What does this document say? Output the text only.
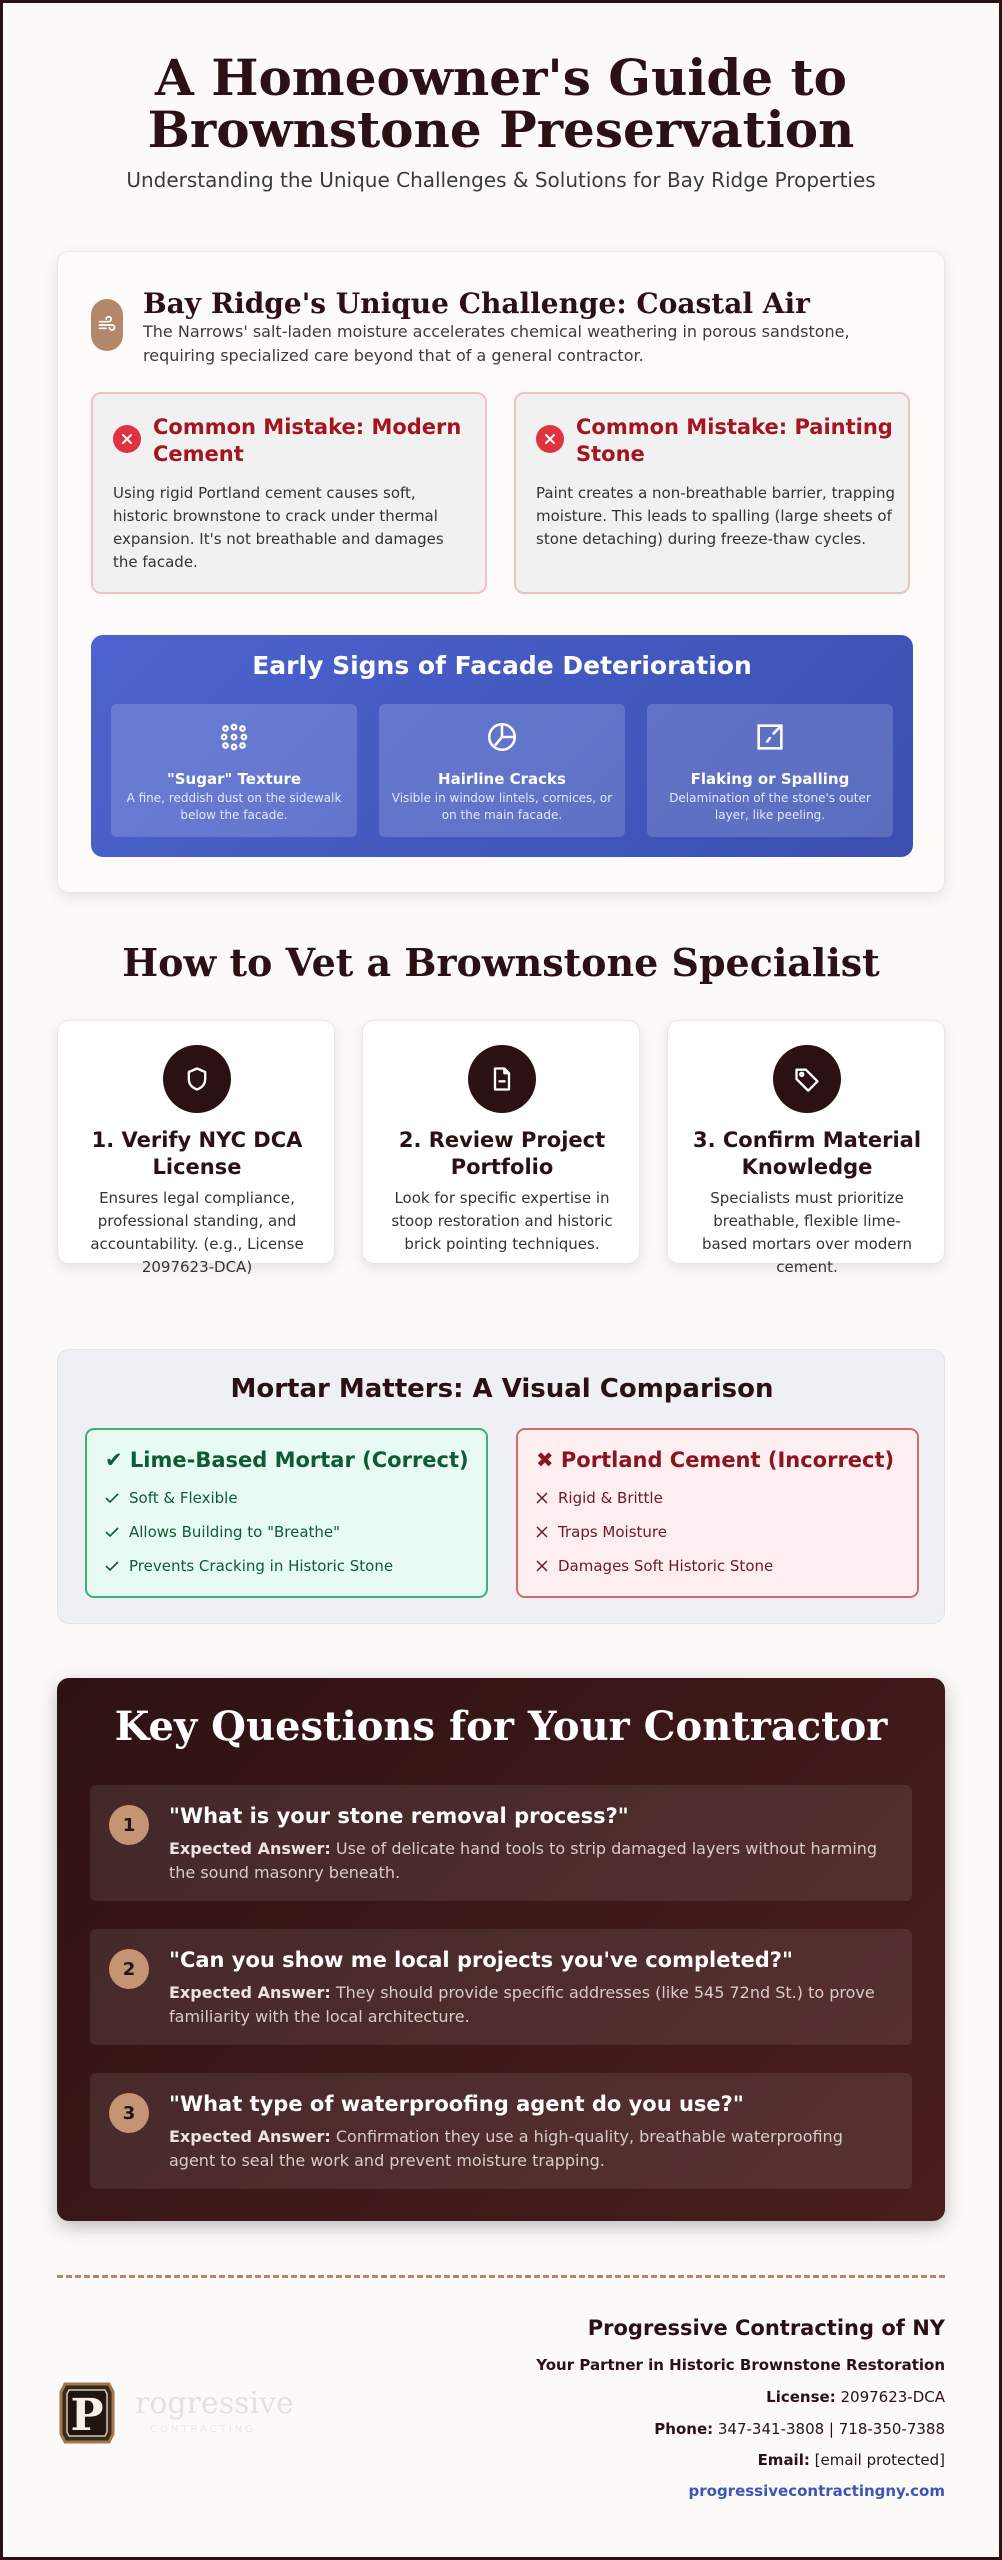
A Homeowner's Guide to
Brownstone Preservation
Understanding the Unique Challenges & Solutions for Bay Ridge Properties
Bay Ridge's Unique Challenge: Coastal Air
The Narrows' salt-laden moisture accelerates chemical weathering in porous sandstone, requiring specialized care beyond that of a general contractor.
Common Mistake: Modern Cement

Using rigid Portland cement causes soft, historic brownstone to crack under thermal expansion. It's not breathable and damages the facade.

Common Mistake: Painting Stone

Paint creates a non-breathable barrier, trapping moisture. This leads to spalling (large sheets of stone detaching) during freeze-thaw cycles.

Early Signs of Facade Deterioration
"Sugar" Texture
A fine, reddish dust on the sidewalk below the facade.
Hairline Cracks
Visible in window lintels, cornices, or on the main facade.
Flaking or Spalling
Delamination of the stone's outer layer, like peeling.
How to Vet a Brownstone Specialist
1. Verify NYC DCA License

Ensures legal compliance, professional standing, and accountability. (e.g., License 2097623-DCA)

2. Review Project Portfolio

Look for specific expertise in stoop restoration and historic brick pointing techniques.

3. Confirm Material Knowledge

Specialists must prioritize breathable, flexible lime-based mortars over modern cement.

Mortar Matters: A Visual Comparison
✔ Lime-Based Mortar (Correct)
Soft & Flexible
Allows Building to "Breathe"
Prevents Cracking in Historic Stone
✖ Portland Cement (Incorrect)
Rigid & Brittle
Traps Moisture
Damages Soft Historic Stone
Key Questions for Your Contractor
1	"What is your stone removal process?"
Expected Answer: Use of delicate hand tools to strip damaged layers without harming the sound masonry beneath.
2	"Can you show me local projects you've completed?"
Expected Answer: They should provide specific addresses (like 545 72nd St.) to prove familiarity with the local architecture.
3	"What type of waterproofing agent do you use?"
Expected Answer: Confirmation they use a high-quality, breathable waterproofing agent to seal the work and prevent moisture trapping.
P rogressive
CONTRACTING
Progressive Contracting of NY
Your Partner in Historic Brownstone Restoration
License: 2097623-DCA
Phone: 347-341-3808 | 718-350-7388
Email: [email protected]
progressivecontractingny.com
